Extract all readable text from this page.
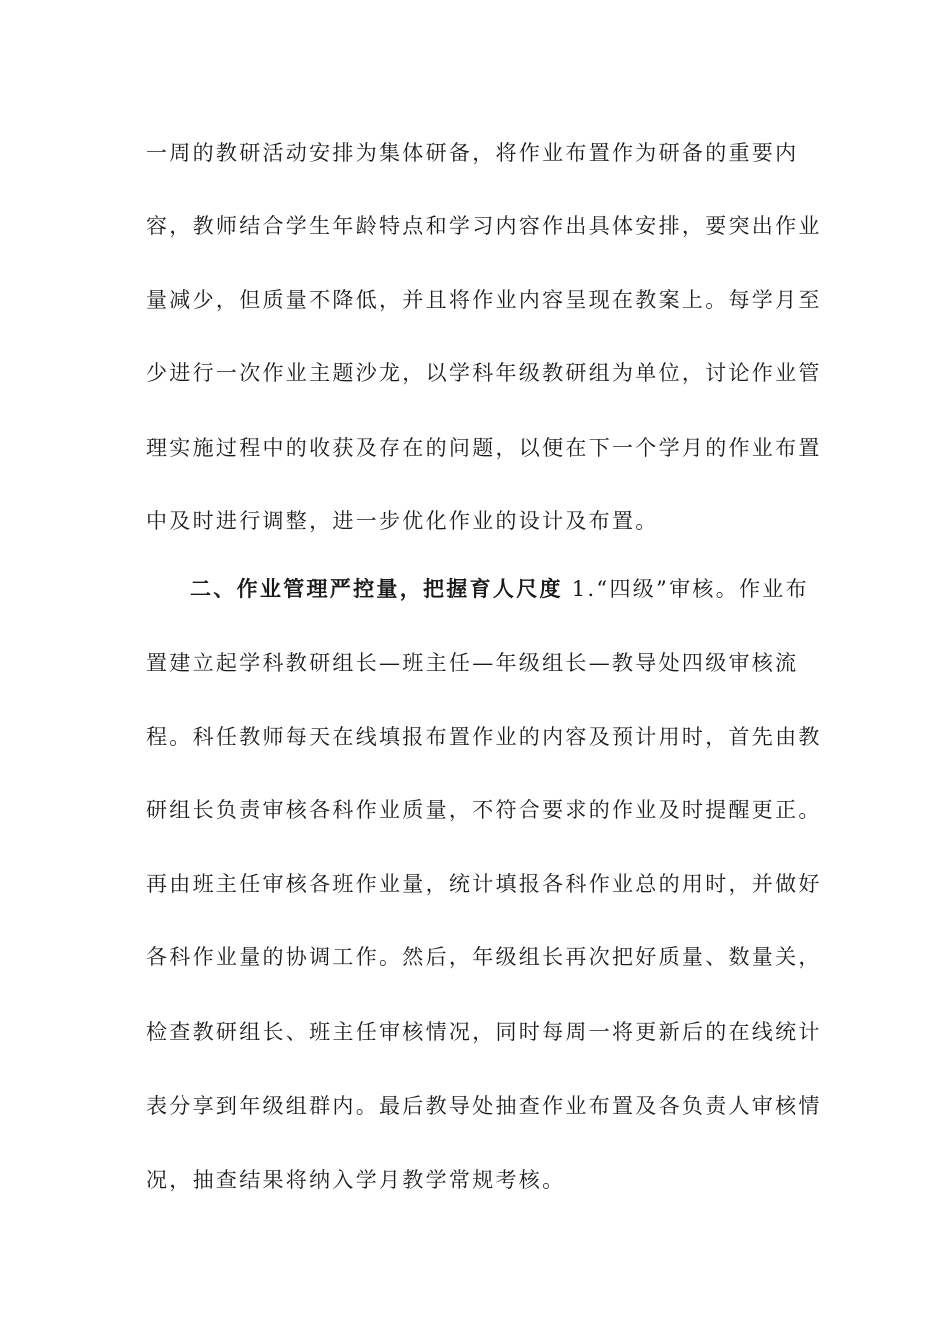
一周的教研活动安排为集体研备，将作业布置作为研备的重要内
容，教师结合学生年龄特点和学习内容作出具体安排，要突出作业
量减少，但质量不降低，并且将作业内容呈现在教案上。每学月至
少进行一次作业主题沙龙，以学科年级教研组为单位，讨论作业管
理实施过程中的收获及存在的问题，以便在下一个学月的作业布置
中及时进行调整，进一步优化作业的设计及布置。
二、作业管理严控量，把握育人尺度 1.“四级”审核。作业布
置建立起学科教研组长—班主任—年级组长—教导处四级审核流
程。科任教师每天在线填报布置作业的内容及预计用时，首先由教
研组长负责审核各科作业质量，不符合要求的作业及时提醒更正。
再由班主任审核各班作业量，统计填报各科作业总的用时，并做好
各科作业量的协调工作。然后，年级组长再次把好质量、数量关，
检查教研组长、班主任审核情况，同时每周一将更新后的在线统计
表分享到年级组群内。最后教导处抽查作业布置及各负责人审核情
况，抽查结果将纳入学月教学常规考核。
